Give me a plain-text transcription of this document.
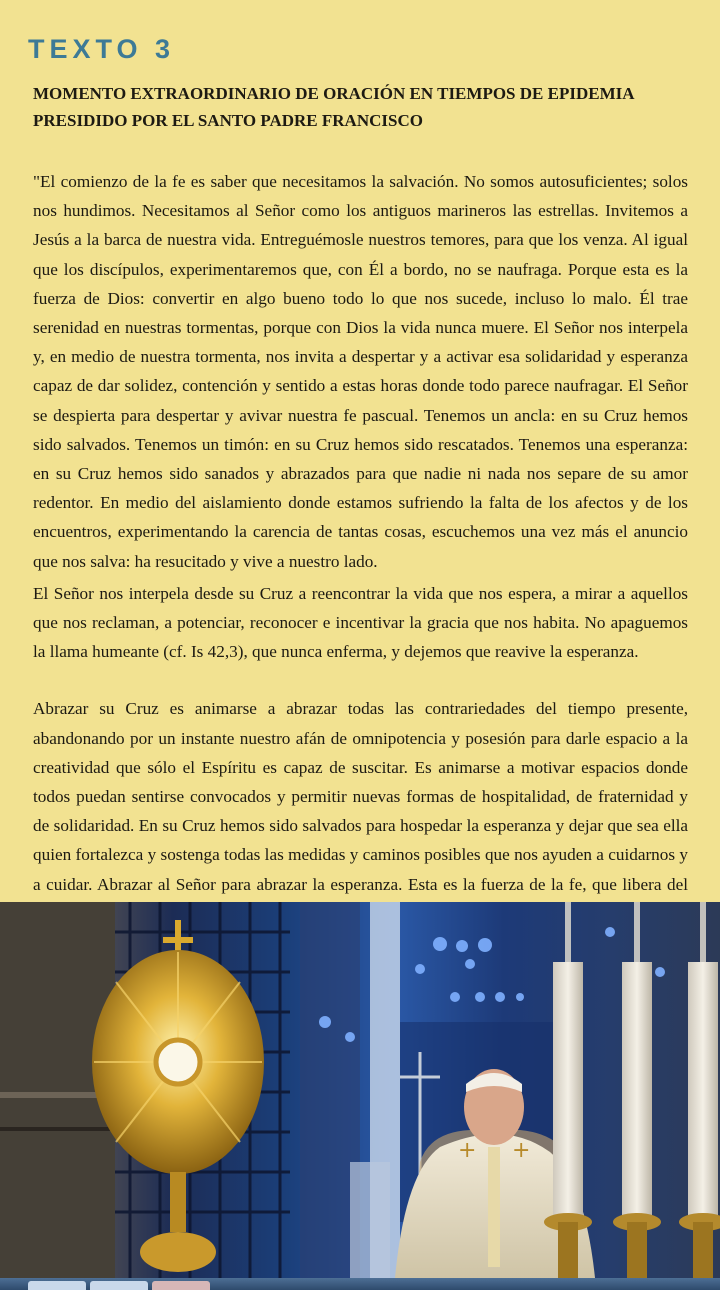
TEXTO 3
MOMENTO EXTRAORDINARIO DE ORACIÓN EN TIEMPOS DE EPIDEMIA PRESIDIDO POR EL SANTO PADRE FRANCISCO

"El comienzo de la fe es saber que necesitamos la salvación. No somos autosuficientes; solos nos hundimos. Necesitamos al Señor como los antiguos marineros las estrellas. Invitemos a Jesús a la barca de nuestra vida. Entreguémosle nuestros temores, para que los venza. Al igual que los discípulos, experimentaremos que, con Él a bordo, no se naufraga. Porque esta es la fuerza de Dios: convertir en algo bueno todo lo que nos sucede, incluso lo malo. Él trae serenidad en nuestras tormentas, porque con Dios la vida nunca muere. El Señor nos interpela y, en medio de nuestra tormenta, nos invita a despertar y a activar esa solidaridad y esperanza capaz de dar solidez, contención y sentido a estas horas donde todo parece naufragar. El Señor se despierta para despertar y avivar nuestra fe pascual. Tenemos un ancla: en su Cruz hemos sido salvados. Tenemos un timón: en su Cruz hemos sido rescatados. Tenemos una esperanza: en su Cruz hemos sido sanados y abrazados para que nadie ni nada nos separe de su amor redentor. En medio del aislamiento donde estamos sufriendo la falta de los afectos y de los encuentros, experimentando la carencia de tantas cosas, escuchemos una vez más el anuncio que nos salva: ha resucitado y vive a nuestro lado.

El Señor nos interpela desde su Cruz a reencontrar la vida que nos espera, a mirar a aquellos que nos reclaman, a potenciar, reconocer e incentivar la gracia que nos habita. No apaguemos la llama humeante (cf. Is 42,3), que nunca enferma, y dejemos que reavive la esperanza.

Abrazar su Cruz es animarse a abrazar todas las contrariedades del tiempo presente, abandonando por un instante nuestro afán de omnipotencia y posesión para darle espacio a la creatividad que sólo el Espíritu es capaz de suscitar. Es animarse a motivar espacios donde todos puedan sentirse convocados y permitir nuevas formas de hospitalidad, de fraternidad y de solidaridad. En su Cruz hemos sido salvados para hospedar la esperanza y dejar que sea ella quien fortalezca y sostenga todas las medidas y caminos posibles que nos ayuden a cuidarnos y a cuidar. Abrazar al Señor para abrazar la esperanza. Esta es la fuerza de la fe, que libera del

+ +
